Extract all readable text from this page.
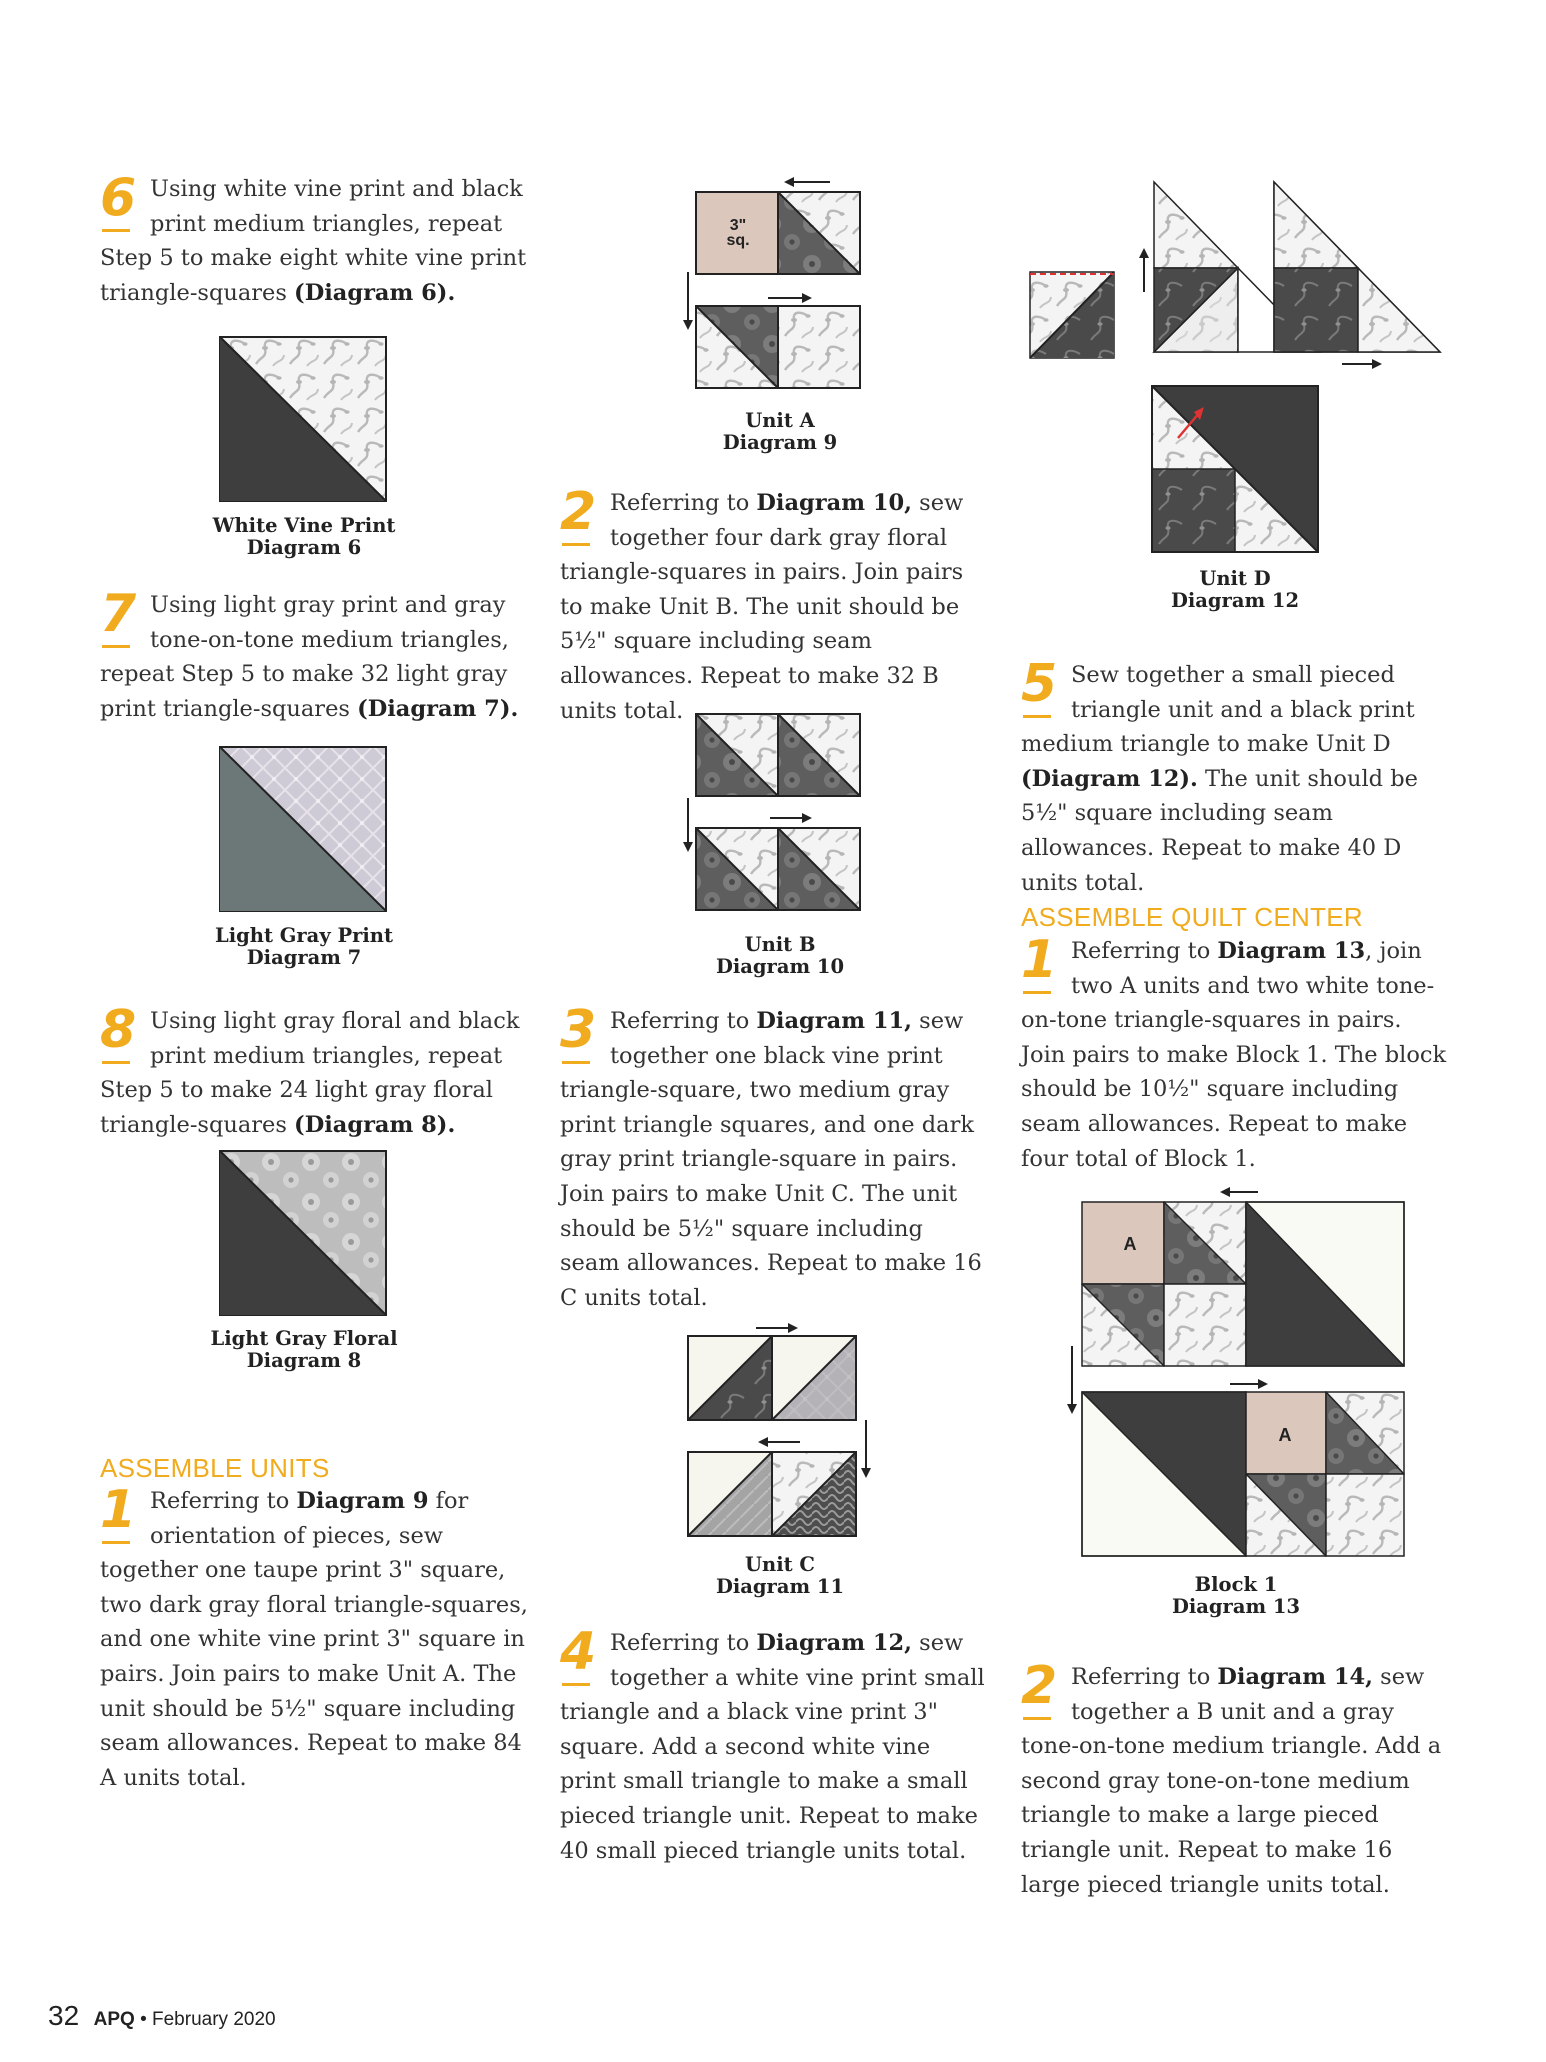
6 Using white vine print and black print medium triangles, repeat Step 5 to make eight white vine print triangle-squares (Diagram 6).
White Vine Print
Diagram 6
7 Using light gray print and gray tone-on-tone medium triangles, repeat Step 5 to make 32 light gray print triangle-squares (Diagram 7).
Light Gray Print
Diagram 7
8 Using light gray floral and black print medium triangles, repeat Step 5 to make 24 light gray floral triangle-squares (Diagram 8).
Light Gray Floral
Diagram 8
ASSEMBLE UNITS
1 Referring to Diagram 9 for orientation of pieces, sew together one taupe print 3" square, two dark gray floral triangle-squares, and one white vine print 3" square in pairs. Join pairs to make Unit A. The unit should be 5½" square including seam allowances. Repeat to make 84 A units total.
3"
sq.
Unit A
Diagram 9
2 Referring to Diagram 10, sew together four dark gray floral triangle-squares in pairs. Join pairs to make Unit B. The unit should be 5½" square including seam allowances. Repeat to make 32 B units total.
Unit B
Diagram 10
3 Referring to Diagram 11, sew together one black vine print triangle-square, two medium gray print triangle squares, and one dark gray print triangle-square in pairs. Join pairs to make Unit C. The unit should be 5½" square including seam allowances. Repeat to make 16 C units total.
Unit C
Diagram 11
4 Referring to Diagram 12, sew together a white vine print small triangle and a black vine print 3" square. Add a second white vine print small triangle to make a small pieced triangle unit. Repeat to make 40 small pieced triangle units total.
Unit D
Diagram 12
5 Sew together a small pieced triangle unit and a black print medium triangle to make Unit D (Diagram 12). The unit should be 5½" square including seam allowances. Repeat to make 40 D units total.
ASSEMBLE QUILT CENTER
1 Referring to Diagram 13, join two A units and two white tone-on-tone triangle-squares in pairs. Join pairs to make Block 1. The block should be 10½" square including seam allowances. Repeat to make four total of Block 1.
A
A
Block 1
Diagram 13
2 Referring to Diagram 14, sew together a B unit and a gray tone-on-tone medium triangle. Add a second gray tone-on-tone medium triangle to make a large pieced triangle unit. Repeat to make 16 large pieced triangle units total.
32 APQ • February 2020
